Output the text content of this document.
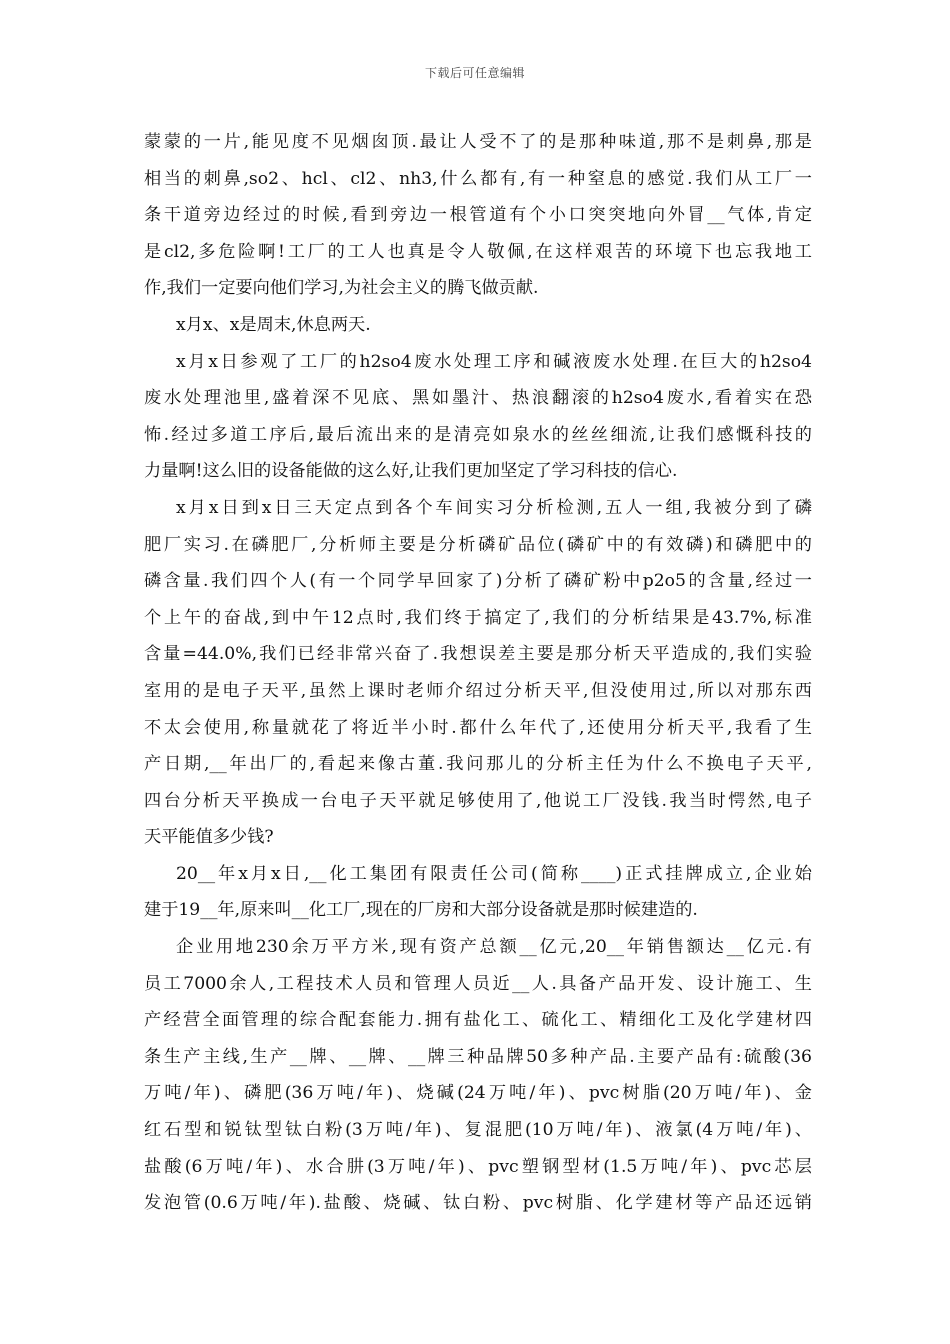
下载后可任意编辑
蒙蒙的一片,能见度不见烟囱顶.最让人受不了的是那种味道,那不是刺鼻,那是
相当的刺鼻,so2、hcl、cl2、nh3,什么都有,有一种窒息的感觉.我们从工厂一
条干道旁边经过的时候,看到旁边一根管道有个小口突突地向外冒__气体,肯定
是cl2,多危险啊!工厂的工人也真是令人敬佩,在这样艰苦的环境下也忘我地工
作,我们一定要向他们学习,为社会主义的腾飞做贡献.
x月x、x是周末,休息两天.
x月x日参观了工厂的h2so4废水处理工序和碱液废水处理.在巨大的h2so4
废水处理池里,盛着深不见底、黑如墨汁、热浪翻滚的h2so4废水,看着实在恐
怖.经过多道工序后,最后流出来的是清亮如泉水的丝丝细流,让我们感慨科技的
力量啊!这么旧的设备能做的这么好,让我们更加坚定了学习科技的信心.
x月x日到x日三天定点到各个车间实习分析检测,五人一组,我被分到了磷
肥厂实习.在磷肥厂,分析师主要是分析磷矿品位(磷矿中的有效磷)和磷肥中的
磷含量.我们四个人(有一个同学早回家了)分析了磷矿粉中p2o5的含量,经过一
个上午的奋战,到中午12点时,我们终于搞定了,我们的分析结果是43.7%,标准
含量=44.0%,我们已经非常兴奋了.我想误差主要是那分析天平造成的,我们实验
室用的是电子天平,虽然上课时老师介绍过分析天平,但没使用过,所以对那东西
不太会使用,称量就花了将近半小时.都什么年代了,还使用分析天平,我看了生
产日期,__年出厂的,看起来像古董.我问那儿的分析主任为什么不换电子天平,
四台分析天平换成一台电子天平就足够使用了,他说工厂没钱.我当时愕然,电子
天平能值多少钱?
20__年x月x日,__化工集团有限责任公司(简称____)正式挂牌成立,企业始
建于19__年,原来叫__化工厂,现在的厂房和大部分设备就是那时候建造的.
企业用地230余万平方米,现有资产总额__亿元,20__年销售额达__亿元.有
员工7000余人,工程技术人员和管理人员近__人.具备产品开发、设计施工、生
产经营全面管理的综合配套能力.拥有盐化工、硫化工、精细化工及化学建材四
条生产主线,生产__牌、__牌、__牌三种品牌50多种产品.主要产品有:硫酸(36
万吨/年)、磷肥(36万吨/年)、烧碱(24万吨/年)、pvc树脂(20万吨/年)、金
红石型和锐钛型钛白粉(3万吨/年)、复混肥(10万吨/年)、液氯(4万吨/年)、
盐酸(6万吨/年)、水合肼(3万吨/年)、pvc塑钢型材(1.5万吨/年)、pvc芯层
发泡管(0.6万吨/年).盐酸、烧碱、钛白粉、pvc树脂、化学建材等产品还远销
